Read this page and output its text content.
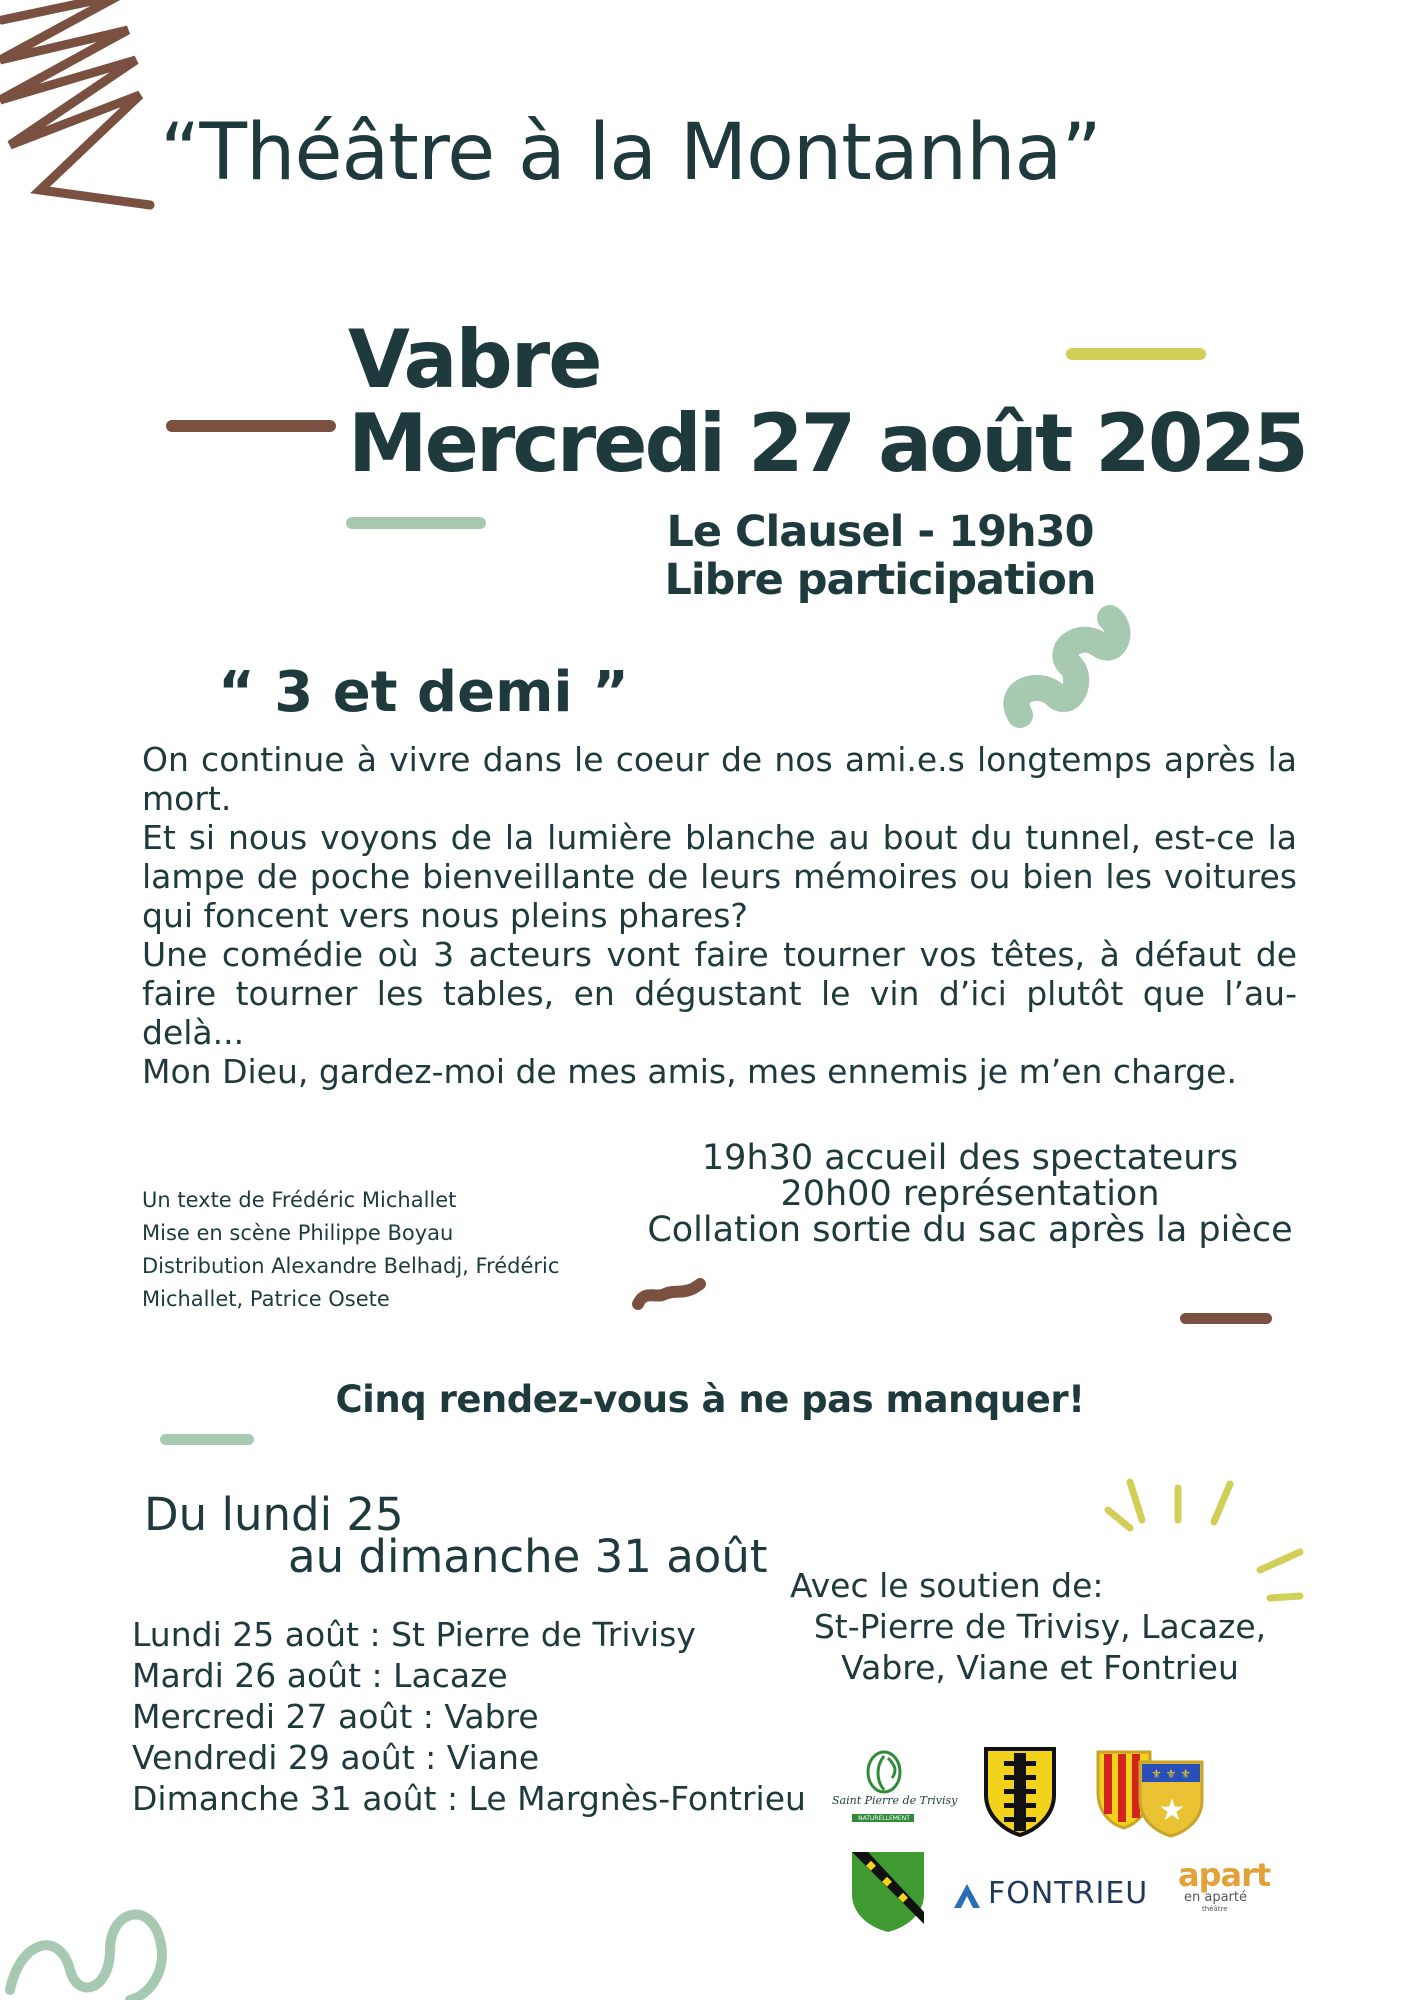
“Théâtre à la Montanha”
Vabre
Mercredi 27 août 2025
Le Clausel - 19h30
Libre participation
“ 3 et demi ”

On continue à vivre dans le coeur de nos ami.e.s longtemps après la mort.

Et si nous voyons de la lumière blanche au bout du tunnel, est-ce la lampe de poche bienveillante de leurs mémoires ou bien les voitures qui foncent vers nous pleins phares?

Une comédie où 3 acteurs vont faire tourner vos têtes, à défaut de faire tourner les tables, en dégustant le vin d’ici plutôt que l’au-delà...

Mon Dieu, gardez-moi de mes amis, mes ennemis je m’en charge.

Un texte de Frédéric Michallet
Mise en scène Philippe Boyau
Distribution Alexandre Belhadj, Frédéric Michallet, Patrice Osete
19h30 accueil des spectateurs
20h00 représentation
Collation sortie du sac après la pièce
Cinq rendez-vous à ne pas manquer!
Du lundi 25
au dimanche 31 août
Lundi 25 août : St Pierre de Trivisy
Mardi 26 août : Lacaze
Mercredi 27 août : Vabre
Vendredi 29 août : Viane
Dimanche 31 août : Le Margnès-Fontrieu
Avec le soutien de:
St-Pierre de Trivisy, Lacaze,
Vabre, Viane et Fontrieu
Saint Pierre de Trivisy
NATURELLEMENT
⚜ ⚜ ⚜
★
FONTRIEU apart
en aparté
théâtre
